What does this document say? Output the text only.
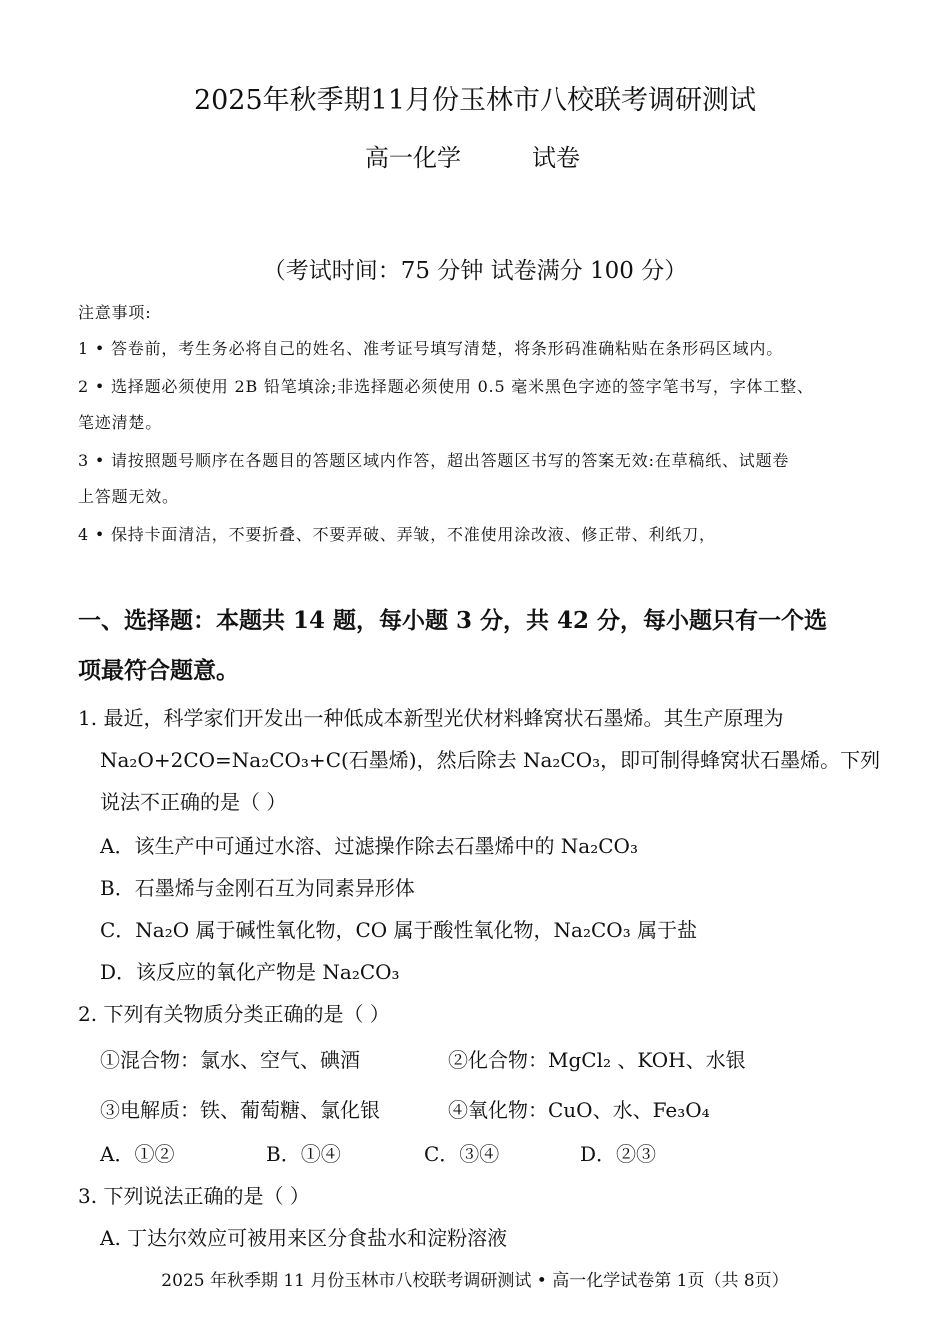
2025年秋季期11月份玉林市八校联考调研测试
高一化学	试卷
（考试时间：75 分钟 试卷满分 100 分）
注意事项:
1 • 答卷前，考生务必将自己的姓名、准考证号填写清楚，将条形码准确粘贴在条形码区域内。
2 • 选择题必须使用 2B 铅笔填涂;非选择题必须使用 0.5 毫米黑色字迹的签字笔书写，字体工整、
笔迹清楚。
3 • 请按照题号顺序在各题目的答题区域内作答，超出答题区书写的答案无效:在草稿纸、试题卷
上答题无效。
4 • 保持卡面清洁，不要折叠、不要弄破、弄皱，不准使用涂改液、修正带、利纸刀，
一、选择题：本题共 14 题，每小题 3 分，共 42 分，每小题只有一个选
项最符合题意。
1. 最近，科学家们开发出一种低成本新型光伏材料蜂窝状石墨烯。其生产原理为
Na₂O+2CO=Na₂CO₃+C(石墨烯)，然后除去 Na₂CO₃，即可制得蜂窝状石墨烯。下列
说法不正确的是（ ）
A．该生产中可通过水溶、过滤操作除去石墨烯中的 Na₂CO₃
B．石墨烯与金刚石互为同素异形体
C．Na₂O 属于碱性氧化物，CO 属于酸性氧化物，Na₂CO₃ 属于盐
D．该反应的氧化产物是 Na₂CO₃
2. 下列有关物质分类正确的是（ ）
①混合物：氯水、空气、碘酒	②化合物：MgCl₂ 、KOH、水银
③电解质：铁、葡萄糖、氯化银	④氧化物：CuO、水、Fe₃O₄
A．①②	B．①④	C．③④	D．②③
3. 下列说法正确的是（ ）
A. 丁达尔效应可被用来区分食盐水和淀粉溶液
2025 年秋季期 11 月份玉林市八校联考调研测试 • 高一化学试卷第 1页（共 8页）
